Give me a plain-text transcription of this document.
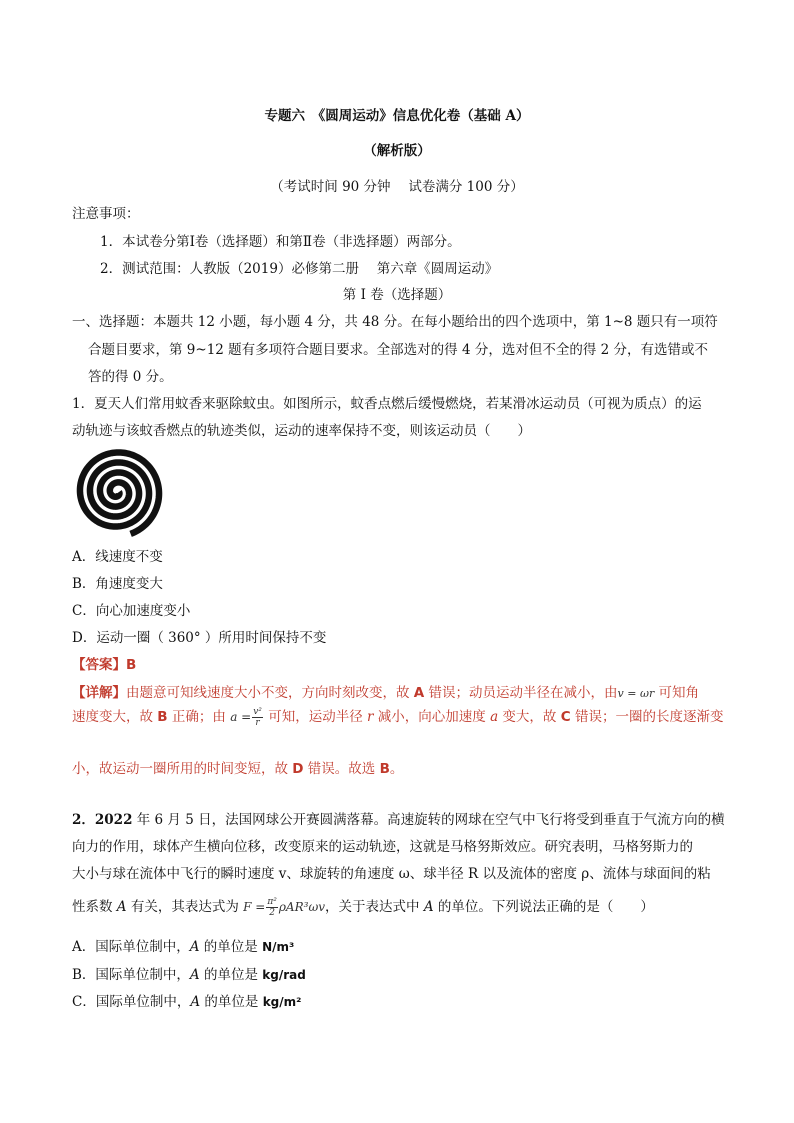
专题六　《圆周运动》信息优化卷（基础 A）
（解析版）
（考试时间 90 分钟　 试卷满分 100 分）
注意事项：
1．本试卷分第Ⅰ卷（选择题）和第Ⅱ卷（非选择题）两部分。
2．测试范围：人教版（2019）必修第二册　 第六章《圆周运动》
第 Ⅰ 卷（选择题）
一、选择题：本题共 12 小题，每小题 4 分，共 48 分。在每小题给出的四个选项中，第 1~8 题只有一项符
合题目要求，第 9~12 题有多项符合题目要求。全部选对的得 4 分，选对但不全的得 2 分，有选错或不
答的得 0 分。
1．夏天人们常用蚊香来驱除蚊虫。如图所示，蚊香点燃后缓慢燃烧，若某滑冰运动员（可视为质点）的运
动轨迹与该蚊香燃点的轨迹类似，运动的速率保持不变，则该运动员（　　）
A．线速度不变
B．角速度变大
C．向心加速度变小
D．运动一圈（ 360° ）所用时间保持不变
【答案】B
【详解】由题意可知线速度大小不变，方向时刻改变，故 A 错误；动员运动半径在减小，由v = ωr 可知角
速度变大，故 B 正确；由 $a = \frac{\text{v²}}{r}$ 可知，运动半径 r 减小，向心加速度 a 变大，故 C 错误；一圈的长度逐渐变
小，故运动一圈所用的时间变短，故 D 错误。故选 B。
2．2022 年 6 月 5 日，法国网球公开赛圆满落幕。高速旋转的网球在空气中飞行将受到垂直于气流方向的横
向力的作用，球体产生横向位移，改变原来的运动轨迹，这就是马格努斯效应。研究表明，马格努斯力的
大小与球在流体中飞行的瞬时速度 v、球旋转的角速度 ω、球半径 R 以及流体的密度 ρ、流体与球面间的粘
性系数 A 有关，其表达式为 $F = \frac{\text{π²}}{2} \rho AR^3\omega v$，关于表达式中 A 的单位。下列说法正确的是（　　）
A．国际单位制中，A 的单位是 N/m³
B．国际单位制中，A 的单位是 kg/rad
C．国际单位制中，A 的单位是 kg/m²
